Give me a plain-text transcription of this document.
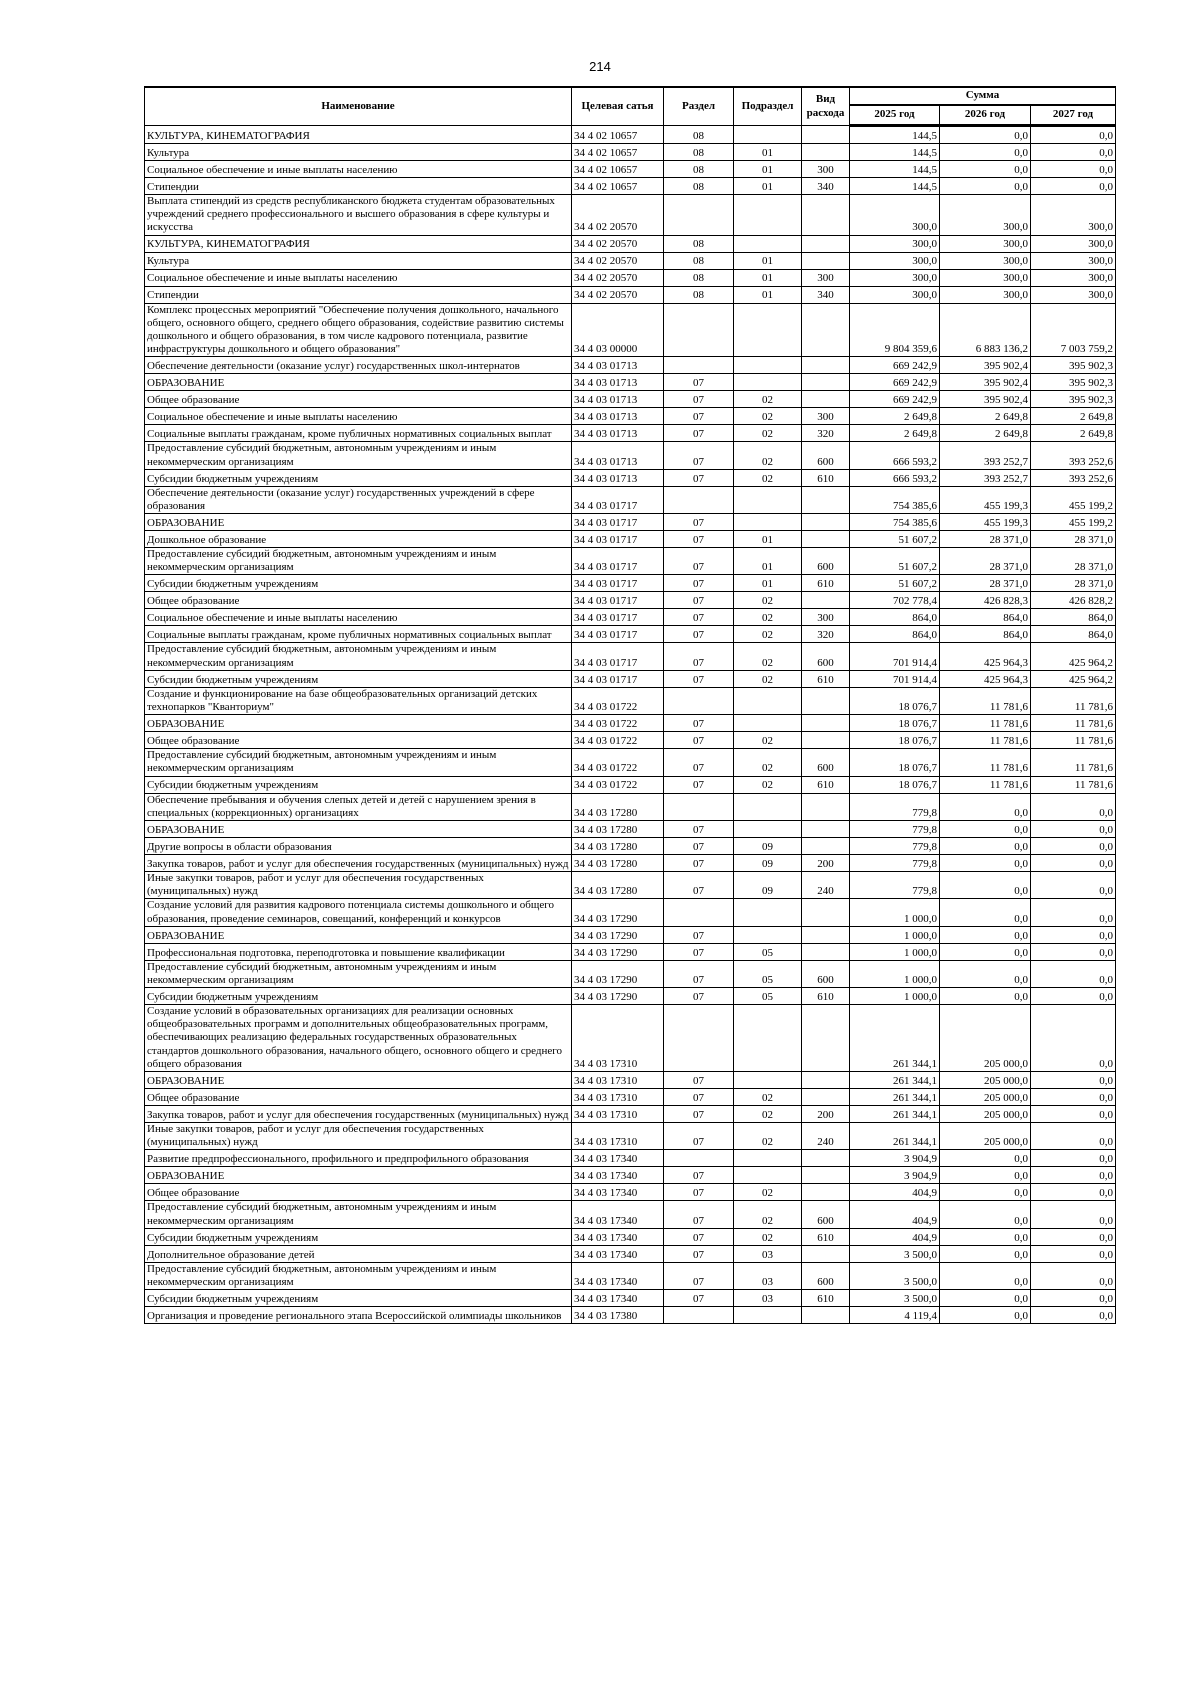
214
Наименование	Целевая сатья	Раздел	Подраздел	Вид расхода	Сумма		
					2025 год	2026 год	2027 год
КУЛЬТУРА, КИНЕМАТОГРАФИЯ	34 4 02 10657	08			144,5	0,0	0,0
Культура	34 4 02 10657	08	01		144,5	0,0	0,0
Социальное обеспечение и иные выплаты населению	34 4 02 10657	08	01	300	144,5	0,0	0,0
Стипендии	34 4 02 10657	08	01	340	144,5	0,0	0,0
Выплата стипендий из средств республиканского бюджета студентам образовательных учреждений среднего профессионального и высшего образования в сфере культуры и искусства	34 4 02 20570				300,0	300,0	300,0
КУЛЬТУРА, КИНЕМАТОГРАФИЯ	34 4 02 20570	08			300,0	300,0	300,0
Культура	34 4 02 20570	08	01		300,0	300,0	300,0
Социальное обеспечение и иные выплаты населению	34 4 02 20570	08	01	300	300,0	300,0	300,0
Стипендии	34 4 02 20570	08	01	340	300,0	300,0	300,0
Комплекс процессных мероприятий "Обеспечение получения дошкольного, начального общего, основного общего, среднего общего образования, содействие развитию системы дошкольного и общего образования, в том числе кадрового потенциала, развитие инфраструктуры дошкольного и общего образования"	34 4 03 00000				9 804 359,6	6 883 136,2	7 003 759,2
Обеспечение деятельности (оказание услуг) государственных школ-интернатов	34 4 03 01713				669 242,9	395 902,4	395 902,3
ОБРАЗОВАНИЕ	34 4 03 01713	07			669 242,9	395 902,4	395 902,3
Общее образование	34 4 03 01713	07	02		669 242,9	395 902,4	395 902,3
Социальное обеспечение и иные выплаты населению	34 4 03 01713	07	02	300	2 649,8	2 649,8	2 649,8
Социальные выплаты гражданам, кроме публичных нормативных социальных выплат	34 4 03 01713	07	02	320	2 649,8	2 649,8	2 649,8
Предоставление субсидий бюджетным, автономным учреждениям и иным некоммерческим организациям	34 4 03 01713	07	02	600	666 593,2	393 252,7	393 252,6
Субсидии бюджетным учреждениям	34 4 03 01713	07	02	610	666 593,2	393 252,7	393 252,6
Обеспечение деятельности (оказание услуг) государственных учреждений в сфере образования	34 4 03 01717				754 385,6	455 199,3	455 199,2
ОБРАЗОВАНИЕ	34 4 03 01717	07			754 385,6	455 199,3	455 199,2
Дошкольное образование	34 4 03 01717	07	01		51 607,2	28 371,0	28 371,0
Предоставление субсидий бюджетным, автономным учреждениям и иным некоммерческим организациям	34 4 03 01717	07	01	600	51 607,2	28 371,0	28 371,0
Субсидии бюджетным учреждениям	34 4 03 01717	07	01	610	51 607,2	28 371,0	28 371,0
Общее образование	34 4 03 01717	07	02		702 778,4	426 828,3	426 828,2
Социальное обеспечение и иные выплаты населению	34 4 03 01717	07	02	300	864,0	864,0	864,0
Социальные выплаты гражданам, кроме публичных нормативных социальных выплат	34 4 03 01717	07	02	320	864,0	864,0	864,0
Предоставление субсидий бюджетным, автономным учреждениям и иным некоммерческим организациям	34 4 03 01717	07	02	600	701 914,4	425 964,3	425 964,2
Субсидии бюджетным учреждениям	34 4 03 01717	07	02	610	701 914,4	425 964,3	425 964,2
Создание и функционирование на базе общеобразовательных организаций детских технопарков "Кванториум"	34 4 03 01722				18 076,7	11 781,6	11 781,6
ОБРАЗОВАНИЕ	34 4 03 01722	07			18 076,7	11 781,6	11 781,6
Общее образование	34 4 03 01722	07	02		18 076,7	11 781,6	11 781,6
Предоставление субсидий бюджетным, автономным учреждениям и иным некоммерческим организациям	34 4 03 01722	07	02	600	18 076,7	11 781,6	11 781,6
Субсидии бюджетным учреждениям	34 4 03 01722	07	02	610	18 076,7	11 781,6	11 781,6
Обеспечение пребывания и обучения слепых детей и детей с нарушением зрения в специальных (коррекционных) организациях	34 4 03 17280				779,8	0,0	0,0
ОБРАЗОВАНИЕ	34 4 03 17280	07			779,8	0,0	0,0
Другие вопросы в области образования	34 4 03 17280	07	09		779,8	0,0	0,0
Закупка товаров, работ и услуг для обеспечения государственных (муниципальных) нужд	34 4 03 17280	07	09	200	779,8	0,0	0,0
Иные закупки товаров, работ и услуг для обеспечения государственных (муниципальных) нужд	34 4 03 17280	07	09	240	779,8	0,0	0,0
Создание условий для развития кадрового потенциала системы дошкольного и общего образования, проведение семинаров, совещаний, конференций и конкурсов	34 4 03 17290				1 000,0	0,0	0,0
ОБРАЗОВАНИЕ	34 4 03 17290	07			1 000,0	0,0	0,0
Профессиональная подготовка, переподготовка и повышение квалификации	34 4 03 17290	07	05		1 000,0	0,0	0,0
Предоставление субсидий бюджетным, автономным учреждениям и иным некоммерческим организациям	34 4 03 17290	07	05	600	1 000,0	0,0	0,0
Субсидии бюджетным учреждениям	34 4 03 17290	07	05	610	1 000,0	0,0	0,0
Создание условий в образовательных организациях для реализации основных общеобразовательных программ и дополнительных общеобразовательных программ, обеспечивающих реализацию федеральных государственных образовательных стандартов дошкольного образования, начального общего, основного общего и среднего общего образования	34 4 03 17310				261 344,1	205 000,0	0,0
ОБРАЗОВАНИЕ	34 4 03 17310	07			261 344,1	205 000,0	0,0
Общее образование	34 4 03 17310	07	02		261 344,1	205 000,0	0,0
Закупка товаров, работ и услуг для обеспечения государственных (муниципальных) нужд	34 4 03 17310	07	02	200	261 344,1	205 000,0	0,0
Иные закупки товаров, работ и услуг для обеспечения государственных (муниципальных) нужд	34 4 03 17310	07	02	240	261 344,1	205 000,0	0,0
Развитие предпрофессионального, профильного и предпрофильного образования	34 4 03 17340				3 904,9	0,0	0,0
ОБРАЗОВАНИЕ	34 4 03 17340	07			3 904,9	0,0	0,0
Общее образование	34 4 03 17340	07	02		404,9	0,0	0,0
Предоставление субсидий бюджетным, автономным учреждениям и иным некоммерческим организациям	34 4 03 17340	07	02	600	404,9	0,0	0,0
Субсидии бюджетным учреждениям	34 4 03 17340	07	02	610	404,9	0,0	0,0
Дополнительное образование детей	34 4 03 17340	07	03		3 500,0	0,0	0,0
Предоставление субсидий бюджетным, автономным учреждениям и иным некоммерческим организациям	34 4 03 17340	07	03	600	3 500,0	0,0	0,0
Субсидии бюджетным учреждениям	34 4 03 17340	07	03	610	3 500,0	0,0	0,0
Организация и проведение регионального этапа Всероссийской олимпиады школьников	34 4 03 17380				4 119,4	0,0	0,0
